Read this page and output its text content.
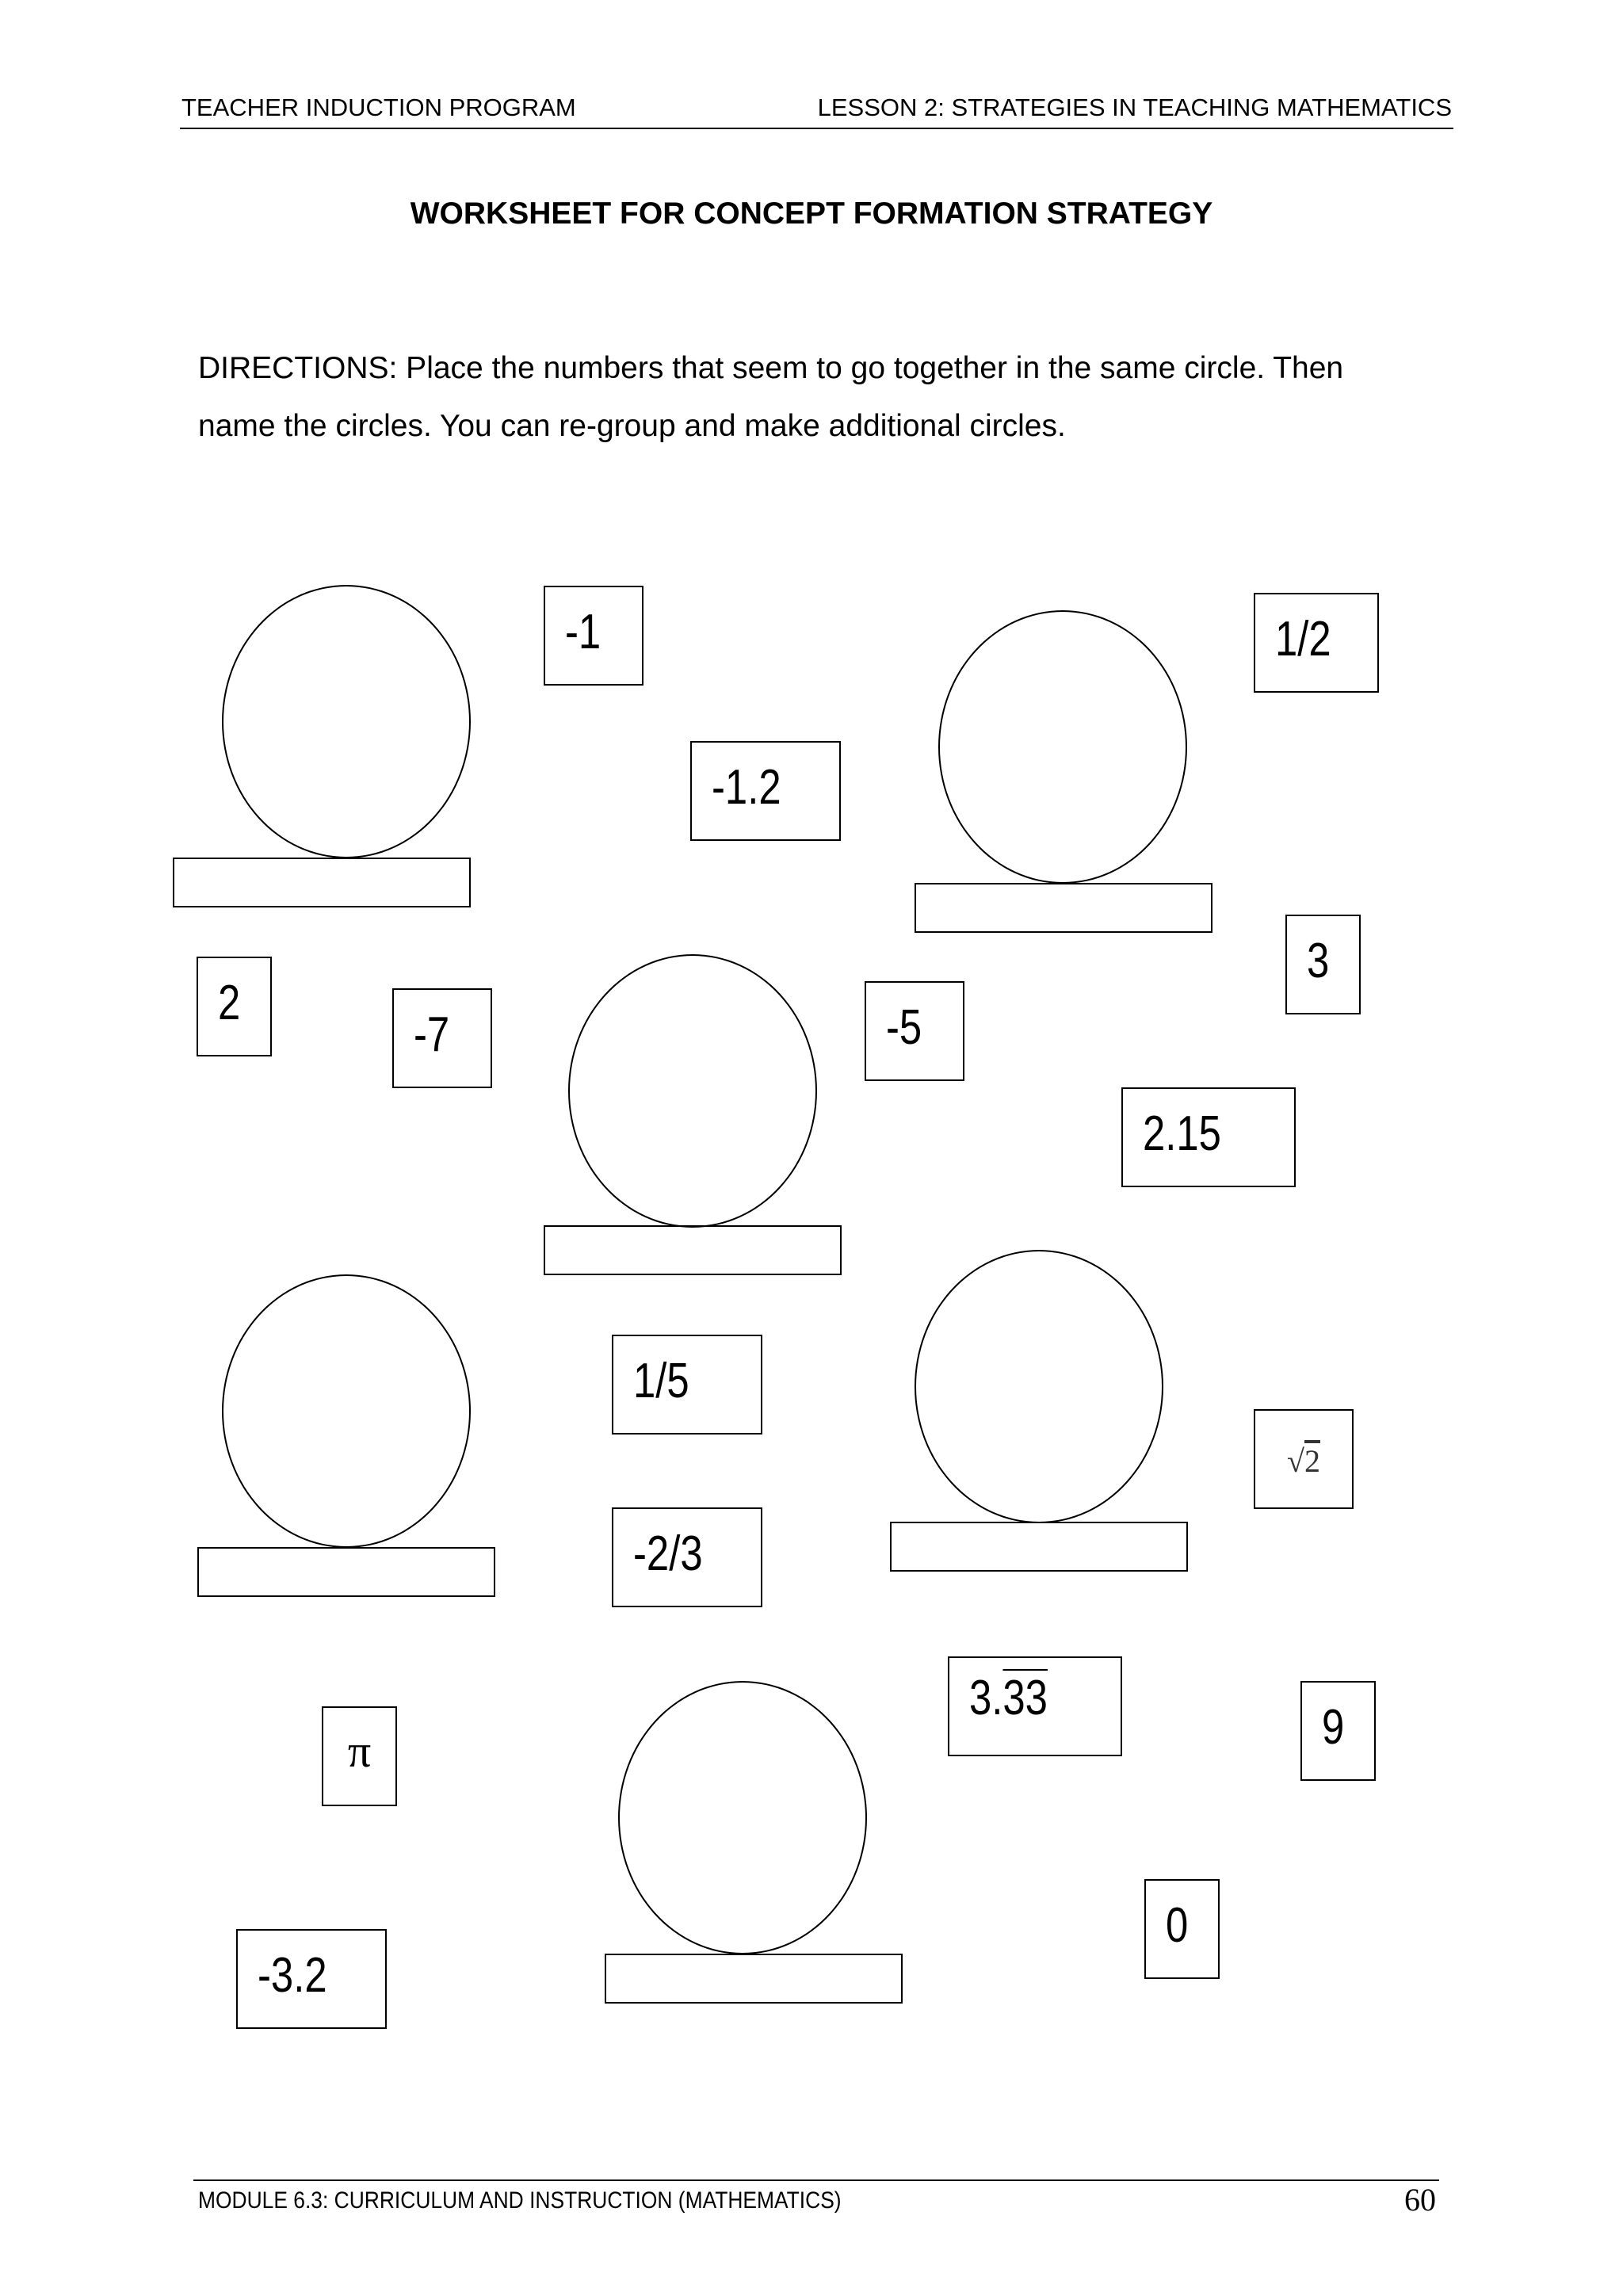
TEACHER INDUCTION PROGRAM	LESSON 2: STRATEGIES IN TEACHING MATHEMATICS
WORKSHEET FOR CONCEPT FORMATION STRATEGY
DIRECTIONS: Place the numbers that seem to go together in the same circle. Then
name the circles. You can re-group and make additional circles.
-1	1/2
-1.2
3
2
-7	-5
2.15
1/5
√2
-2/3
3.33
9
π
0
-3.2
MODULE 6.3: CURRICULUM AND INSTRUCTION (MATHEMATICS)	60
